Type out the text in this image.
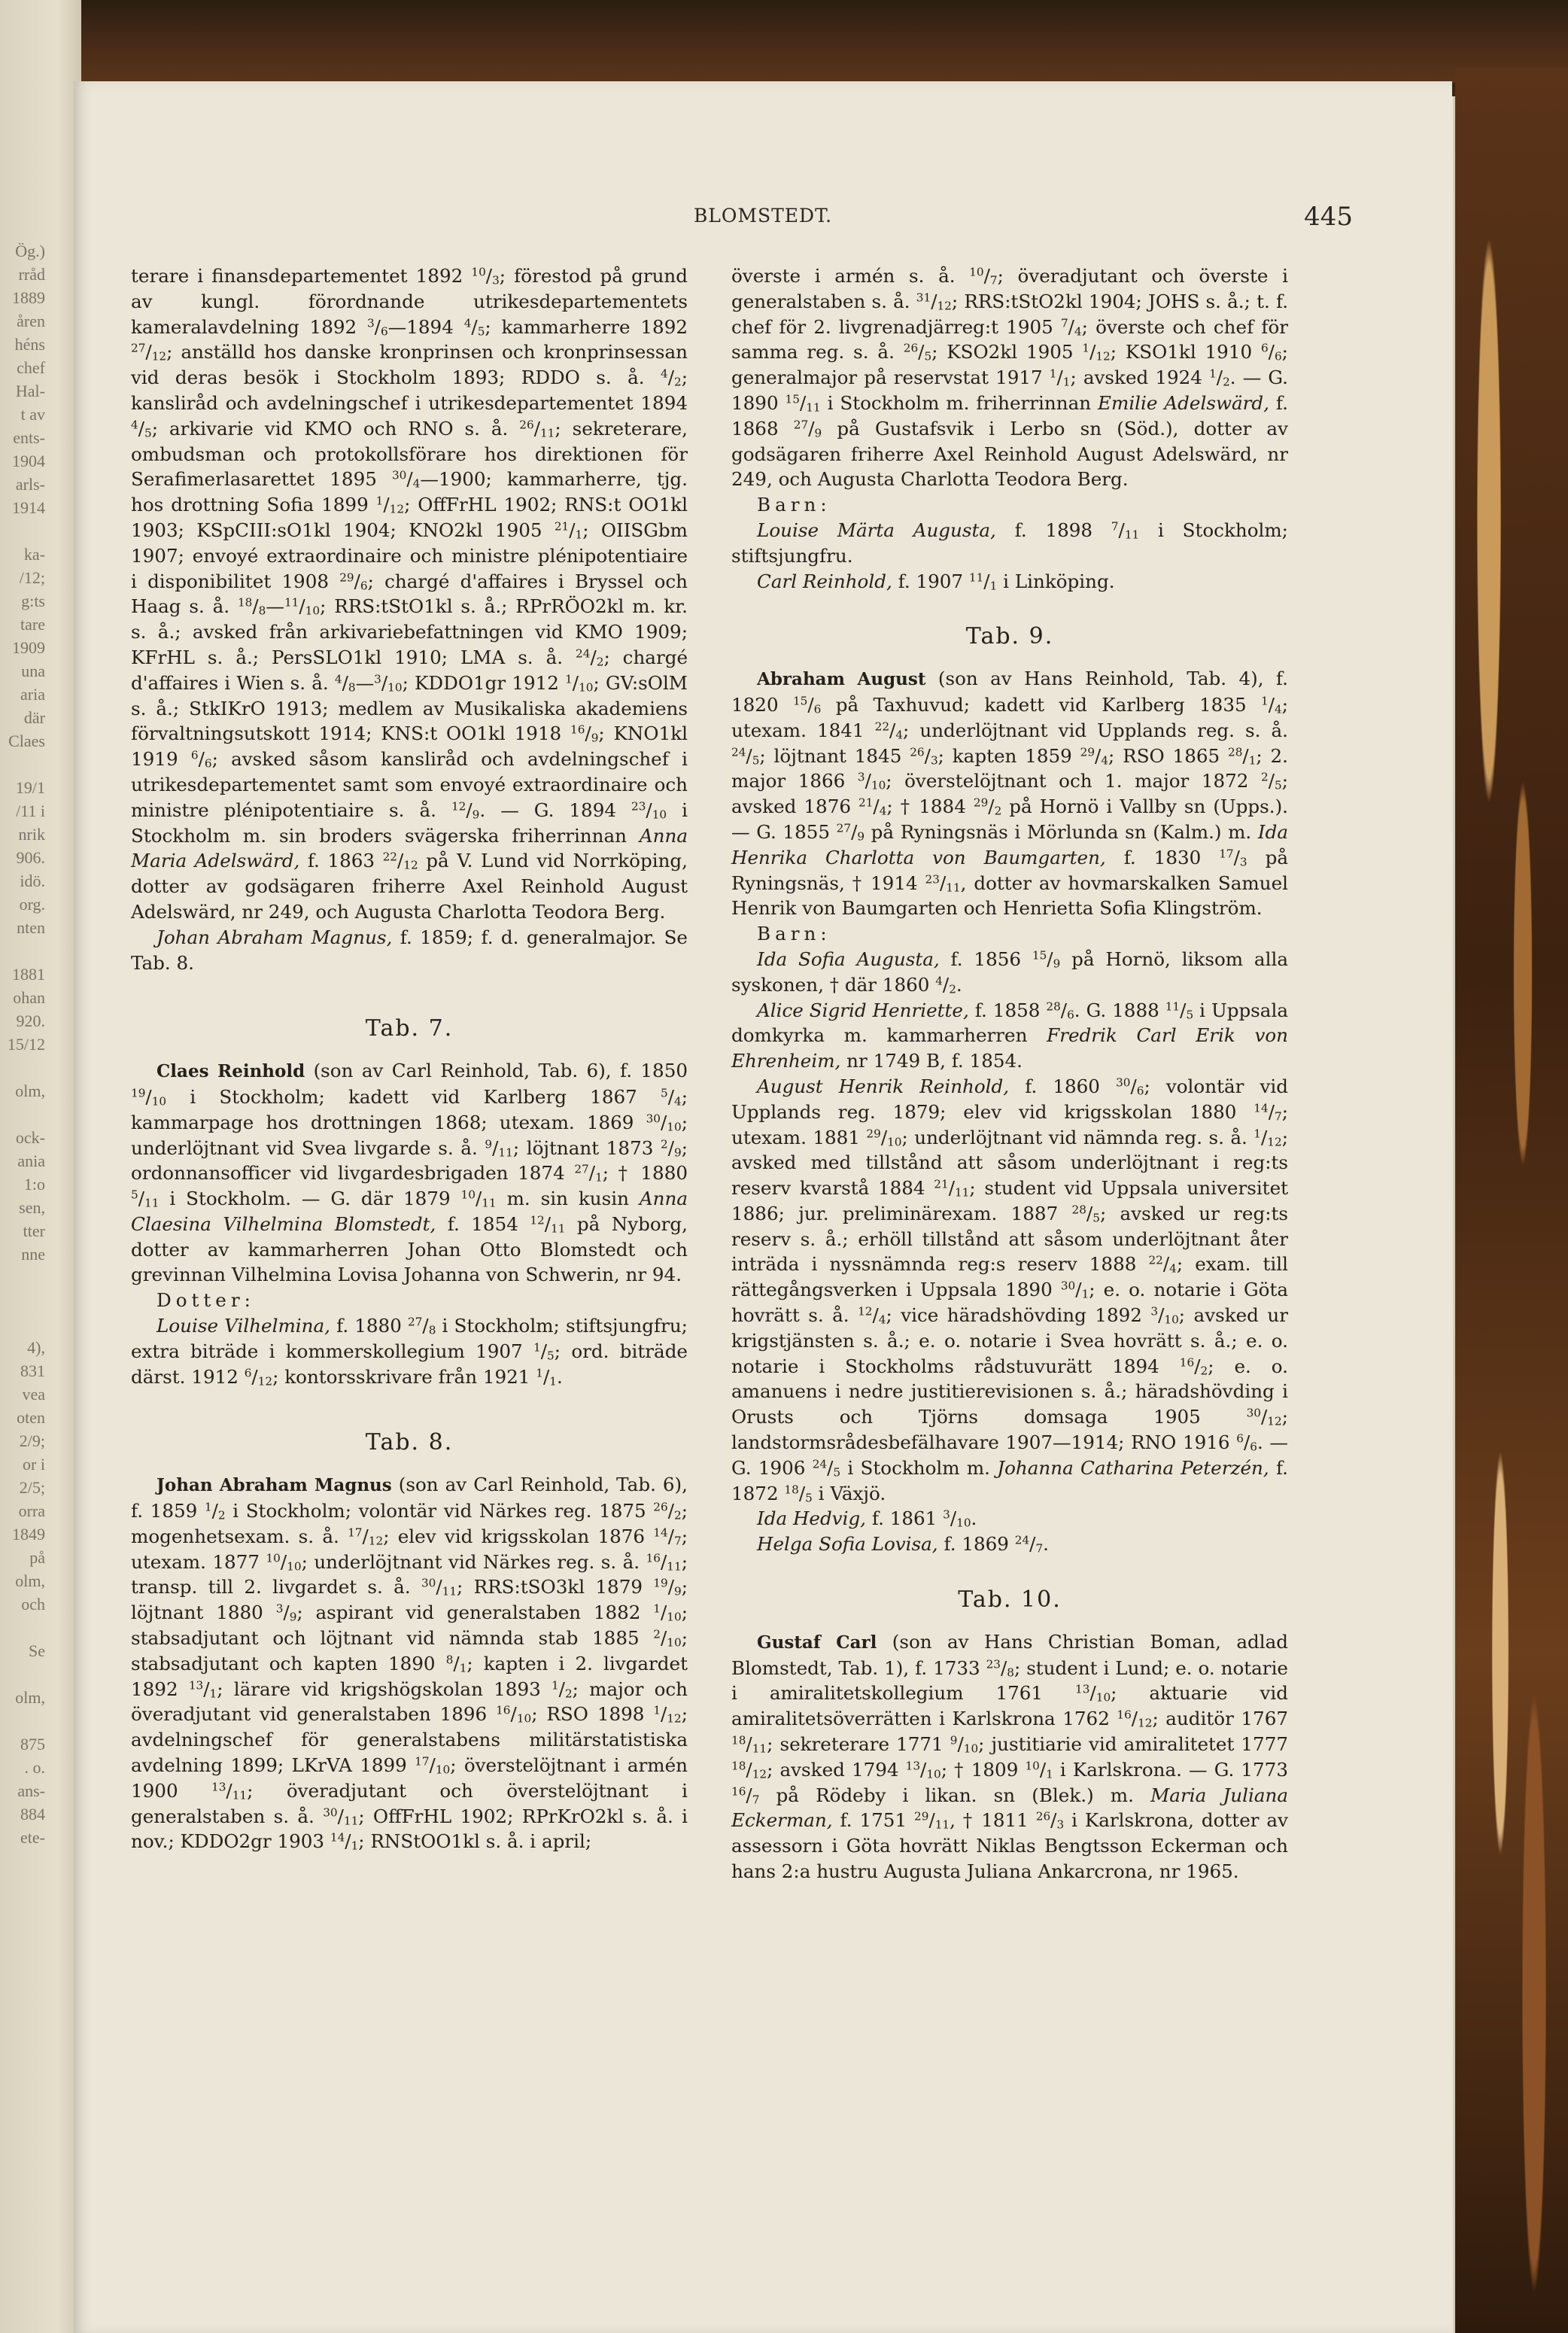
Ög.)
rråd
1889
åren
héns
chef
Hal-
t av
ents-
1904
arls-
1914

ka-
/12;
g:ts
tare
1909
una
aria
där
Claes

19/1
/11 i
nrik
906.
idö.
org.
nten

1881
ohan
920.
15/12

olm,

ock-
ania
1:o
sen,
tter
nne

4),
831
vea
oten
2/9;
or i
2/5;
orra
1849
på
olm,
och

Se

olm,

875
. o.
ans-
884
ete-
BLOMSTEDT.	445

terare i finansdepartementet 1892 $^{10}/_3$; förestod på grund av kungl. förordnande utrikesdepartementets kameralavdelning 1892 $^3/_6—1894$ $^4/_5$; kammarherre 1892 $^{27}/_{12}$; anställd hos danske kronprinsen och kronprinsessan vid deras besök i Stockholm 1893; RDDO s. å. $^4/_2$; kansliråd och avdelningschef i utrikesdepartementet 1894 $^4/_5$; arkivarie vid KMO och RNO s. å. $^{26}/_{11}$; sekreterare, ombudsman och protokollsförare hos direktionen för Serafimerlasarettet 1895 $^{30}/_4—1900$; kammarherre, tjg. hos drottning Sofia 1899 $^1/_{12}$; OffFrHL 1902; RNS:t OO1kl 1903; KSpCIII:sO1kl 1904; KNO2kl 1905 $^{21}/_1$; OIISGbm 1907; envoyé extraordinaire och ministre plénipotentiaire i disponibilitet 1908 $^{29}/_6$; chargé d'affaires i Bryssel och Haag s. å. $^{18}/_8—^{11}/_{10}$; RRS:tStO1kl s. å.; RPrRÖO2kl m. kr. s. å.; avsked från arkivariebefattningen vid KMO 1909; KFrHL s. å.; PersSLO1kl 1910; LMA s. å. $^{24}/_2$; chargé d'affaires i Wien s. å. $^4/_8—^3/_{10}$; KDDO1gr 1912 $^1/_{10}$; GV:sOlM s. å.; StkIKrO 1913; medlem av Musikaliska akademiens förvaltningsutskott 1914; KNS:t OO1kl 1918 $^{16}/_9$; KNO1kl 1919 $^6/_6$; avsked såsom kansliråd och avdelningschef i utrikesdepartementet samt som envoyé extraordinaire och ministre plénipotentiaire s. å. $^{12}/_9$. — G. 1894 $^{23}/_{10}$ i Stockholm m. sin broders svägerska friherrinnan Anna Maria Adelswärd, f. 1863 $^{22}/_{12}$ på V. Lund vid Norrköping, dotter av godsägaren friherre Axel Reinhold August Adelswärd, nr 249, och Augusta Charlotta Teodora Berg.

Johan Abraham Magnus, f. 1859; f. d. generalmajor. Se Tab. 8.

Tab. 7.

Claes Reinhold (son av Carl Reinhold, Tab. 6), f. 1850 $^{19}/_{10}$ i Stockholm; kadett vid Karlberg 1867 $^5/_4$; kammarpage hos drottningen 1868; utexam. 1869 $^{30}/_{10}$; underlöjtnant vid Svea livgarde s. å. $^9/_{11}$; löjtnant 1873 $^2/_9$; ordonnansofficer vid livgardesbrigaden 1874 $^{27}/_1$; † 1880 $^5/_{11}$ i Stockholm. — G. där 1879 $^{10}/_{11}$ m. sin kusin Anna Claesina Vilhelmina Blomstedt, f. 1854 $^{12}/_{11}$ på Nyborg, dotter av kammarherren Johan Otto Blomstedt och grevinnan Vilhelmina Lovisa Johanna von Schwerin, nr 94.

Dotter:

Louise Vilhelmina, f. 1880 $^{27}/_8$ i Stockholm; stiftsjungfru; extra biträde i kommerskollegium 1907 $^1/_5$; ord. biträde därst. 1912 $^6/_{12}$; kontorsskrivare från 1921 $^1/_1$.

Tab. 8.

Johan Abraham Magnus (son av Carl Reinhold, Tab. 6), f. 1859 $^1/_2$ i Stockholm; volontär vid Närkes reg. 1875 $^{26}/_2$; mogenhetsexam. s. å. $^{17}/_{12}$; elev vid krigsskolan 1876 $^{14}/_7$; utexam. 1877 $^{10}/_{10}$; underlöjtnant vid Närkes reg. s. å. $^{16}/_{11}$; transp. till 2. livgardet s. å. $^{30}/_{11}$; RRS:tSO3kl 1879 $^{19}/_9$; löjtnant 1880 $^3/_9$; aspirant vid generalstaben 1882 $^1/_{10}$; stabsadjutant och löjtnant vid nämnda stab 1885 $^2/_{10}$; stabsadjutant och kapten 1890 $^8/_1$; kapten i 2. livgardet 1892 $^{13}/_1$; lärare vid krigshögskolan 1893 $^1/_2$; major och överadjutant vid generalstaben 1896 $^{16}/_{10}$; RSO 1898 $^1/_{12}$; avdelningschef för generalstabens militärstatistiska avdelning 1899; LKrVA 1899 $^{17}/_{10}$; överstelöjtnant i armén 1900 $^{13}/_{11}$; överadjutant och överstelöjtnant i generalstaben s. å. $^{30}/_{11}$; OffFrHL 1902; RPrKrO2kl s. å. i nov.; KDDO2gr 1903 $^{14}/_1$; RNStOO1kl s. å. i april;

överste i armén s. å. $^{10}/_7$; överadjutant och överste i generalstaben s. å. $^{31}/_{12}$; RRS:tStO2kl 1904; JOHS s. å.; t. f. chef för 2. livgrenadjärreg:t 1905 $^7/_4$; överste och chef för samma reg. s. å. $^{26}/_5$; KSO2kl 1905 $^1/_{12}$; KSO1kl 1910 $^6/_6$; generalmajor på reservstat 1917 $^1/_1$; avsked 1924 $^1/_2$. — G. 1890 $^{15}/_{11}$ i Stockholm m. friherrinnan Emilie Adelswärd, f. 1868 $^{27}/_9$ på Gustafsvik i Lerbo sn (Söd.), dotter av godsägaren friherre Axel Reinhold August Adelswärd, nr 249, och Augusta Charlotta Teodora Berg.

Barn:

Louise Märta Augusta, f. 1898 $^7/_{11}$ i Stockholm; stiftsjungfru.

Carl Reinhold, f. 1907 $^{11}/_1$ i Linköping.

Tab. 9.

Abraham August (son av Hans Reinhold, Tab. 4), f. 1820 $^{15}/_6$ på Taxhuvud; kadett vid Karlberg 1835 $^1/_4$; utexam. 1841 $^{22}/_4$; underlöjtnant vid Upplands reg. s. å. $^{24}/_5$; löjtnant 1845 $^{26}/_3$; kapten 1859 $^{29}/_4$; RSO 1865 $^{28}/_1$; 2. major 1866 $^3/_{10}$; överstelöjtnant och 1. major 1872 $^2/_5$; avsked 1876 $^{21}/_4$; † 1884 $^{29}/_2$ på Hornö i Vallby sn (Upps.). — G. 1855 $^{27}/_9$ på Ryningsnäs i Mörlunda sn (Kalm.) m. Ida Henrika Charlotta von Baumgarten, f. 1830 $^{17}/_3$ på Ryningsnäs, † 1914 $^{23}/_{11}$, dotter av hovmarskalken Samuel Henrik von Baumgarten och Henrietta Sofia Klingström.

Barn:

Ida Sofia Augusta, f. 1856 $^{15}/_9$ på Hornö, liksom alla syskonen, † där 1860 $^4/_2$.

Alice Sigrid Henriette, f. 1858 $^{28}/_6$. G. 1888 $^{11}/_5$ i Uppsala domkyrka m. kammarherren Fredrik Carl Erik von Ehrenheim, nr 1749 B, f. 1854.

August Henrik Reinhold, f. 1860 $^{30}/_6$; volontär vid Upplands reg. 1879; elev vid krigsskolan 1880 $^{14}/_7$; utexam. 1881 $^{29}/_{10}$; underlöjtnant vid nämnda reg. s. å. $^1/_{12}$; avsked med tillstånd att såsom underlöjtnant i reg:ts reserv kvarstå 1884 $^{21}/_{11}$; student vid Uppsala universitet 1886; jur. preliminärexam. 1887 $^{28}/_5$; avsked ur reg:ts reserv s. å.; erhöll tillstånd att såsom underlöjtnant åter inträda i nyssnämnda reg:s reserv 1888 $^{22}/_4$; exam. till rättegångsverken i Uppsala 1890 $^{30}/_1$; e. o. notarie i Göta hovrätt s. å. $^{12}/_4$; vice häradshövding 1892 $^3/_{10}$; avsked ur krigstjänsten s. å.; e. o. notarie i Svea hovrätt s. å.; e. o. notarie i Stockholms rådstuvurätt 1894 $^{16}/_2$; e. o. amanuens i nedre justitierevisionen s. å.; häradshövding i Orusts och Tjörns domsaga 1905 $^{30}/_{12}$; landstormsrådesbefälhavare 1907—1914; RNO 1916 $^6/_6$. — G. 1906 $^{24}/_5$ i Stockholm m. Johanna Catharina Peterzén, f. 1872 $^{18}/_5$ i Växjö.

Ida Hedvig, f. 1861 $^3/_{10}$.

Helga Sofia Lovisa, f. 1869 $^{24}/_7$.

Tab. 10.

Gustaf Carl (son av Hans Christian Boman, adlad Blomstedt, Tab. 1), f. 1733 $^{23}/_8$; student i Lund; e. o. notarie i amiralitetskollegium 1761 $^{13}/_{10}$; aktuarie vid amiralitetsöverrätten i Karlskrona 1762 $^{16}/_{12}$; auditör 1767 $^{18}/_{11}$; sekreterare 1771 $^9/_{10}$; justitiarie vid amiralitetet 1777 $^{18}/_{12}$; avsked 1794 $^{13}/_{10}$; † 1809 $^{10}/_1$ i Karlskrona. — G. 1773 $^{16}/_7$ på Rödeby i likan. sn (Blek.) m. Maria Juliana Eckerman, f. 1751 $^{29}/_{11}$, † 1811 $^{26}/_3$ i Karlskrona, dotter av assessorn i Göta hovrätt Niklas Bengtsson Eckerman och hans 2:a hustru Augusta Juliana Ankarcrona, nr 1965.
